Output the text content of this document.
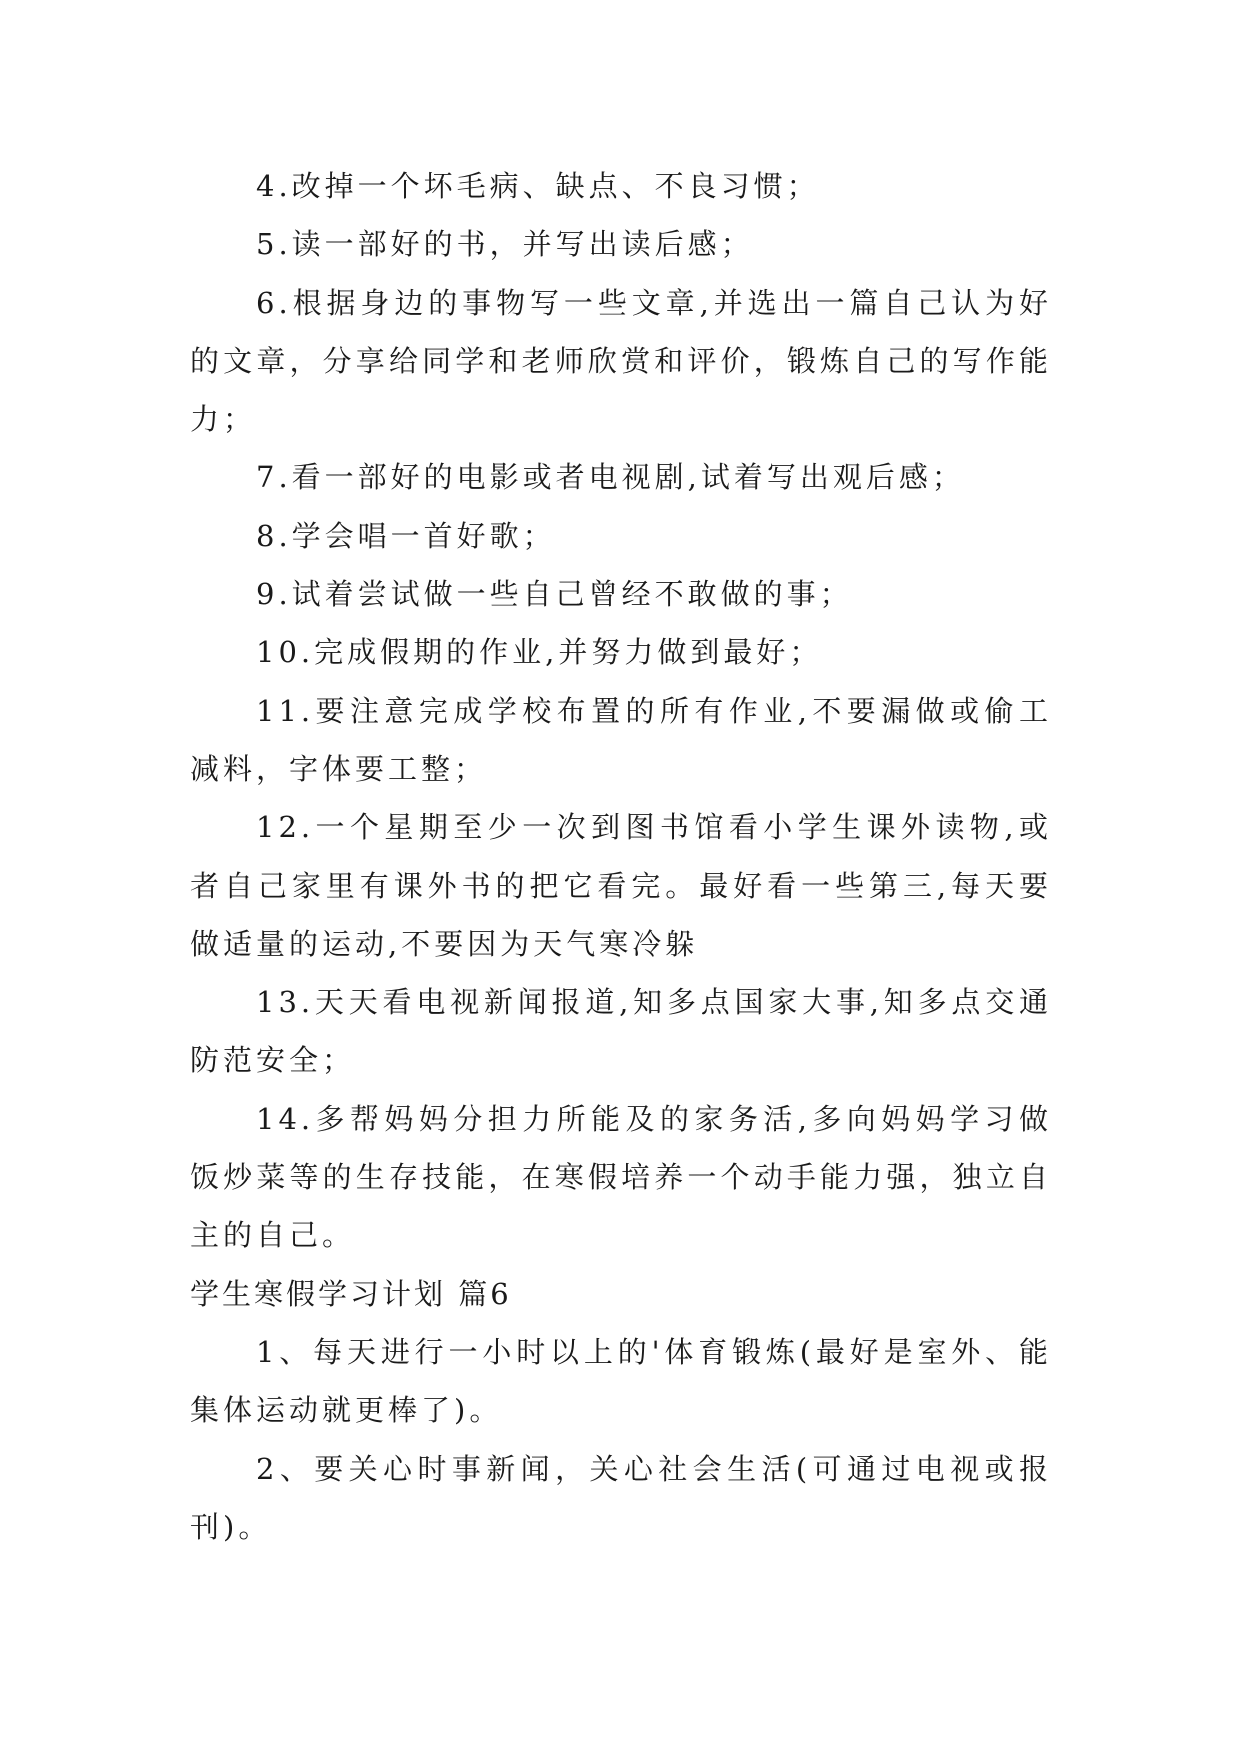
4.改掉一个坏毛病、缺点、不良习惯；

5.读一部好的书，并写出读后感；

6.根据身边的事物写一些文章,并选出一篇自己认为好的文章，分享给同学和老师欣赏和评价，锻炼自己的写作能力；

7.看一部好的电影或者电视剧,试着写出观后感；

8.学会唱一首好歌；

9.试着尝试做一些自己曾经不敢做的事；

10.完成假期的作业,并努力做到最好；

11.要注意完成学校布置的所有作业,不要漏做或偷工减料，字体要工整；

12.一个星期至少一次到图书馆看小学生课外读物,或者自己家里有课外书的把它看完。最好看一些第三,每天要做适量的运动,不要因为天气寒冷躲

13.天天看电视新闻报道,知多点国家大事,知多点交通防范安全；

14.多帮妈妈分担力所能及的家务活,多向妈妈学习做饭炒菜等的生存技能，在寒假培养一个动手能力强，独立自主的自己。

学生寒假学习计划 篇6

1、每天进行一小时以上的'体育锻炼(最好是室外、能集体运动就更棒了)。

2、要关心时事新闻，关心社会生活(可通过电视或报刊)。
